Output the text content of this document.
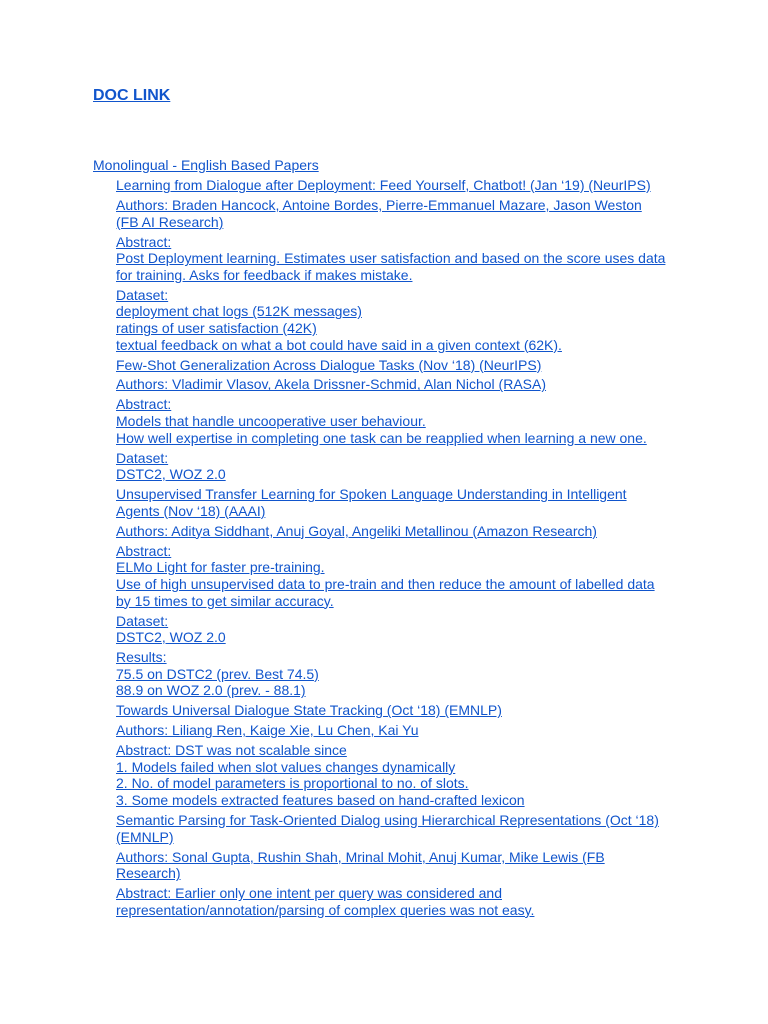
DOC LINK
Monolingual - English Based Papers
Learning from Dialogue after Deployment: Feed Yourself, Chatbot! (Jan ‘19) (NeurIPS)
Authors: Braden Hancock, Antoine Bordes, Pierre-Emmanuel Mazare, Jason Weston
(FB AI Research)
Abstract:
Post Deployment learning. Estimates user satisfaction and based on the score uses data
for training. Asks for feedback if makes mistake.
Dataset:
deployment chat logs (512K messages)
ratings of user satisfaction (42K)
textual feedback on what a bot could have said in a given context (62K).
Few-Shot Generalization Across Dialogue Tasks (Nov ‘18) (NeurIPS)
Authors: Vladimir Vlasov, Akela Drissner-Schmid, Alan Nichol (RASA)
Abstract:
Models that handle uncooperative user behaviour.
How well expertise in completing one task can be reapplied when learning a new one.
Dataset:
DSTC2, WOZ 2.0
Unsupervised Transfer Learning for Spoken Language Understanding in Intelligent
Agents (Nov ‘18) (AAAI)
Authors: Aditya Siddhant, Anuj Goyal, Angeliki Metallinou (Amazon Research)
Abstract:
ELMo Light for faster pre-training.
Use of high unsupervised data to pre-train and then reduce the amount of labelled data
by 15 times to get similar accuracy.
Dataset:
DSTC2, WOZ 2.0
Results:
75.5 on DSTC2 (prev. Best 74.5)
88.9 on WOZ 2.0 (prev. - 88.1)
Towards Universal Dialogue State Tracking (Oct ‘18) (EMNLP)
Authors: Liliang Ren, Kaige Xie, Lu Chen, Kai Yu
Abstract: DST was not scalable since
1. Models failed when slot values changes dynamically
2. No. of model parameters is proportional to no. of slots.
3. Some models extracted features based on hand-crafted lexicon
Semantic Parsing for Task-Oriented Dialog using Hierarchical Representations (Oct ‘18)
(EMNLP)
Authors: Sonal Gupta, Rushin Shah, Mrinal Mohit, Anuj Kumar, Mike Lewis (FB
Research)
Abstract: Earlier only one intent per query was considered and
representation/annotation/parsing of complex queries was not easy.
